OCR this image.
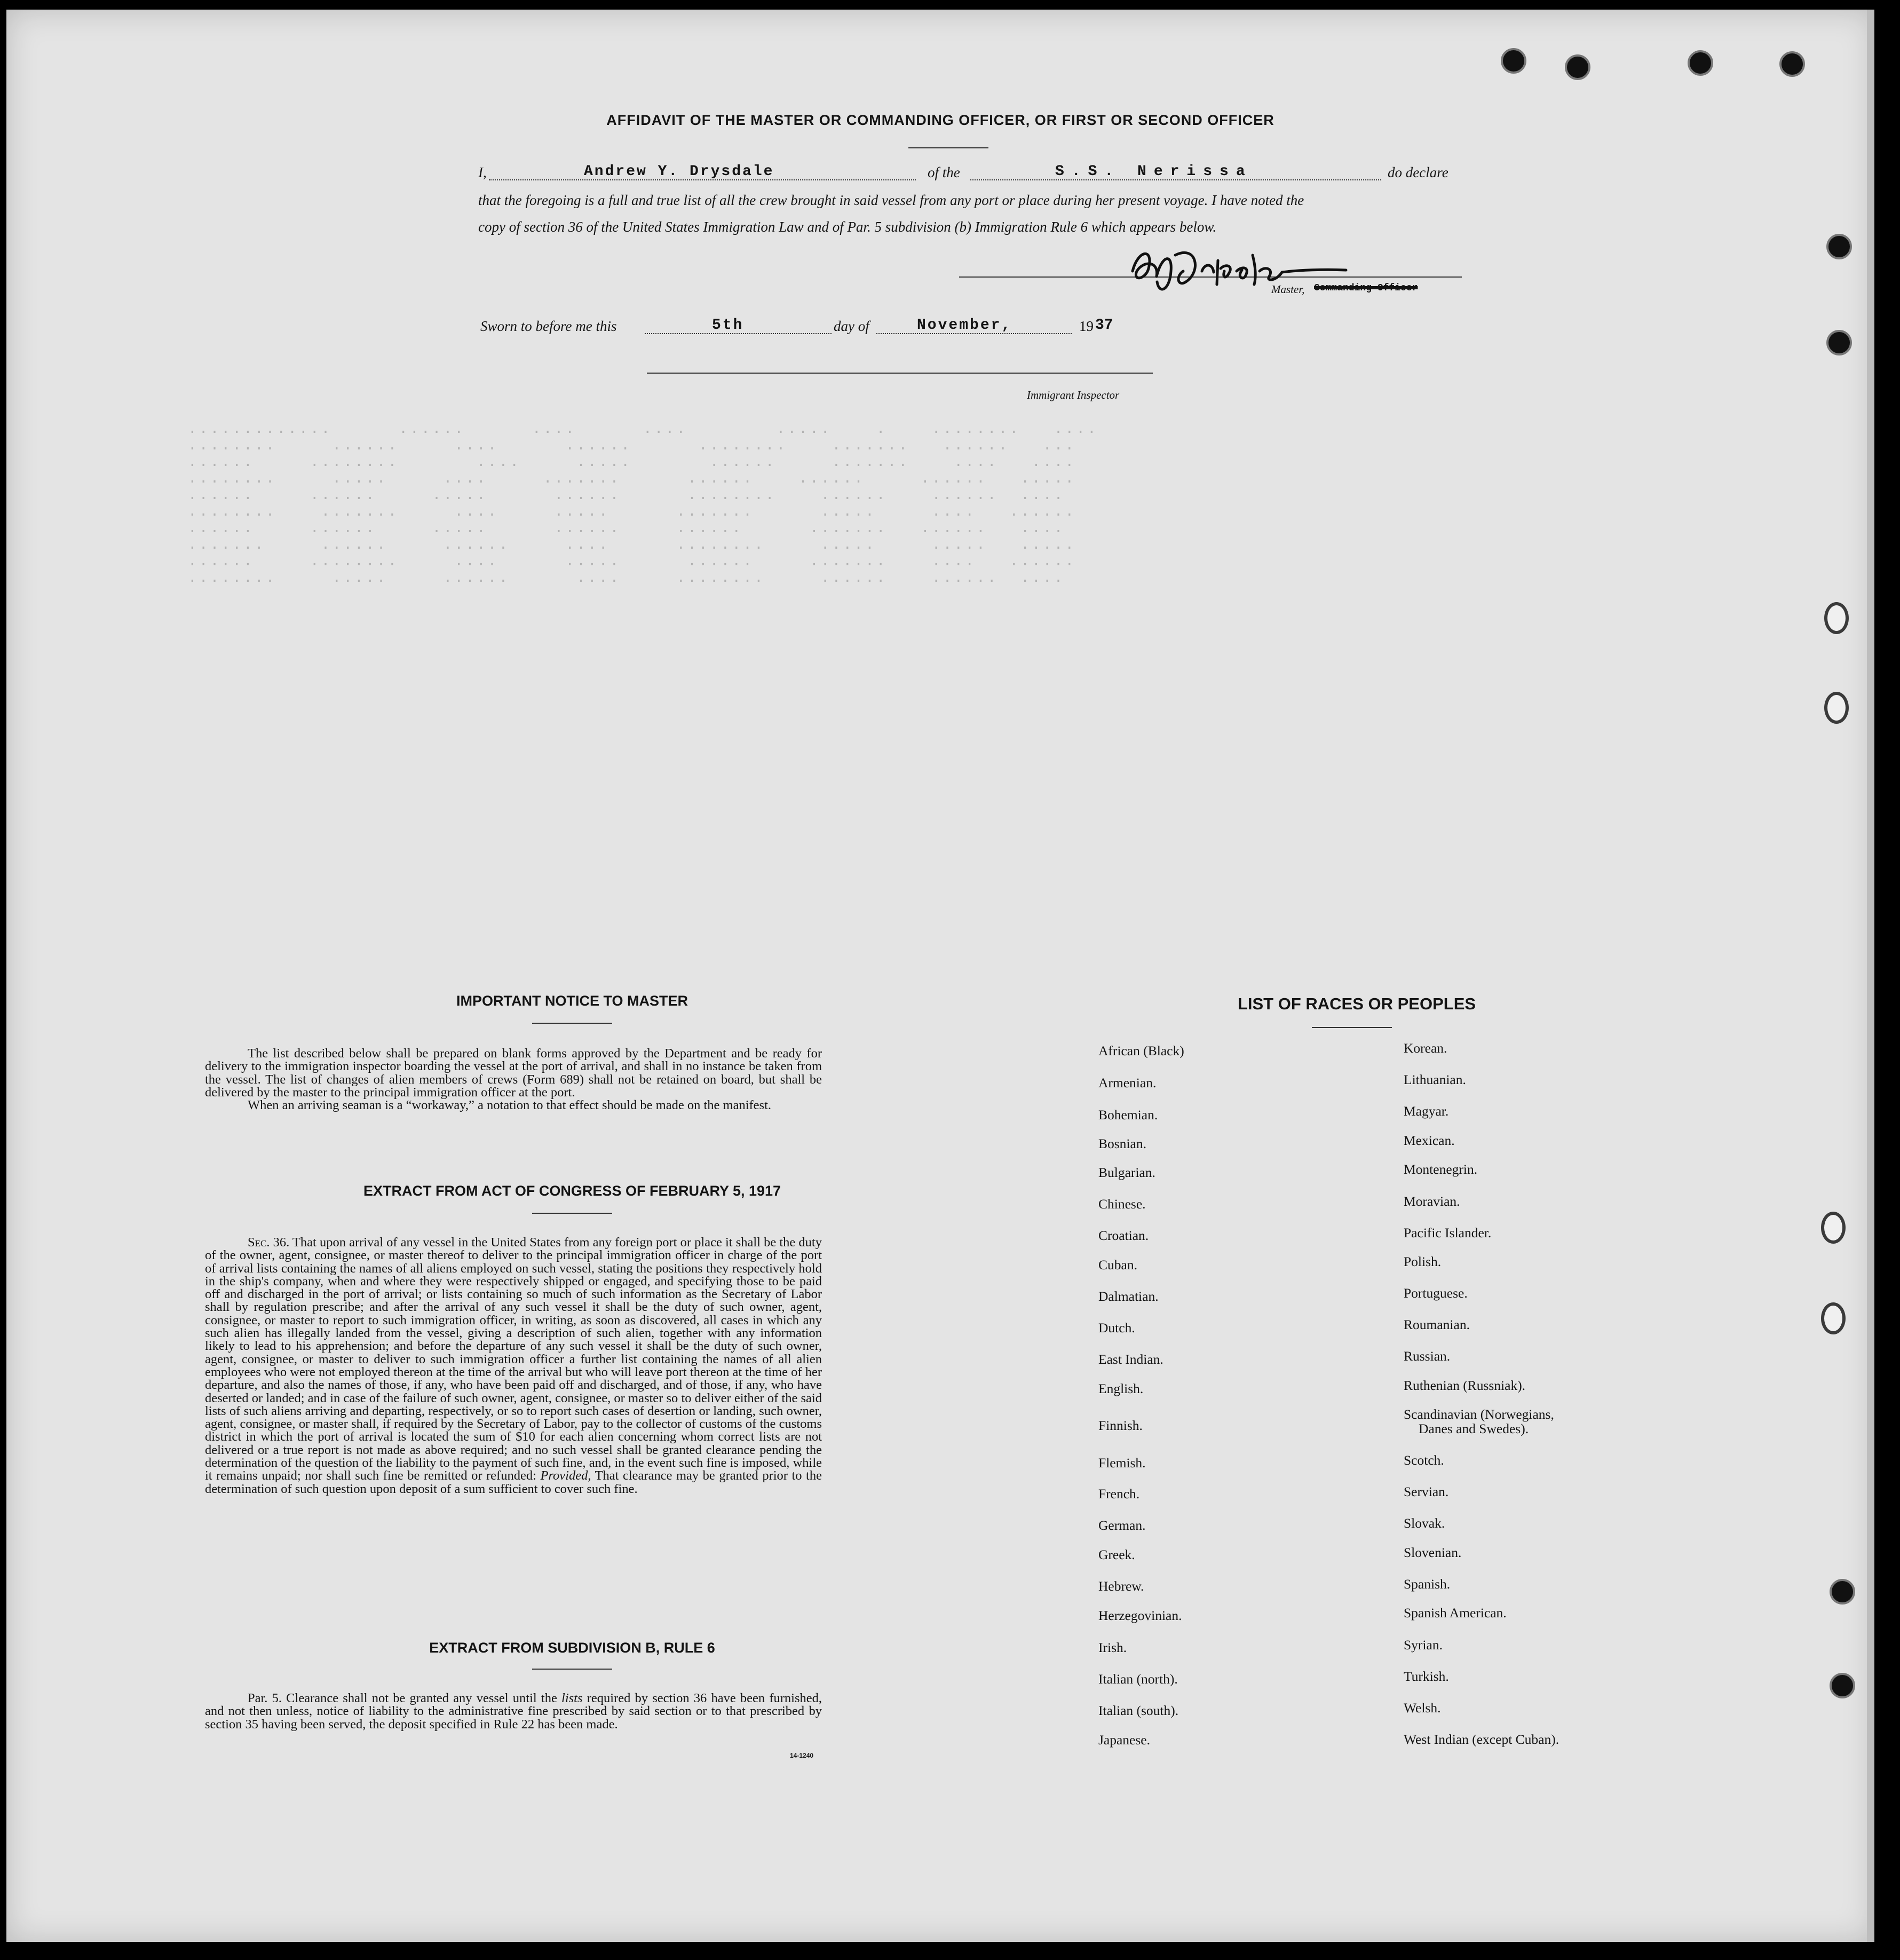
.............      ......      ....      ....        .....    .    ........   ....
........     ......     ....      ......      ........    .......   ......   ...
......     ........       ....     .....       ......     .......    ....   ....
........     .....     ....     .......      ......    ......     ......   .....
......     ......     .....      ......      ........    ......    ......  ....
........    .......     ....     .....      .......      .....     ....   ......
......     ......     .....      ......     ......      .......   ......   ....
.......     ......     ......     ....      ........     .....     .....   .....
......     ........     ....      .....      ......     .......    ....   ......
........     .....     ......      ....     ........     ......    ......  ....
AFFIDAVIT OF THE MASTER OR COMMANDING OFFICER, OR FIRST OR SECOND OFFICER
I,	Andrew Y. Drysdale	of the	S.S. Nerissa	do declare
that the foregoing is a full and true list of all the crew brought in said vessel from any port or place during her present voyage. I have noted the
copy of section 36 of the United States Immigration Law and of Par. 5 subdivision (b) Immigration Rule 6 which appears below.
Master, Commanding Officer
Sworn to before me this	5th	day of	November,	19 37
Immigrant Inspector
IMPORTANT NOTICE TO MASTER

The list described below shall be prepared on blank forms approved by the Department and be ready for delivery to the immigration inspector boarding the vessel at the port of arrival, and shall in no instance be taken from the vessel. The list of changes of alien members of crews (Form 689) shall not be retained on board, but shall be delivered by the master to the principal immigration officer at the port.

When an arriving seaman is a “workaway,” a notation to that effect should be made on the manifest.

EXTRACT FROM ACT OF CONGRESS OF FEBRUARY 5, 1917

Sec. 36. That upon arrival of any vessel in the United States from any foreign port or place it shall be the duty of the owner, agent, consignee, or master thereof to deliver to the principal immigration officer in charge of the port of arrival lists containing the names of all aliens employed on such vessel, stating the positions they respectively hold in the ship's company, when and where they were respectively shipped or engaged, and specifying those to be paid off and discharged in the port of arrival; or lists containing so much of such information as the Secretary of Labor shall by regulation prescribe; and after the arrival of any such vessel it shall be the duty of such owner, agent, consignee, or master to report to such immigration officer, in writing, as soon as discovered, all cases in which any such alien has illegally landed from the vessel, giving a description of such alien, together with any information likely to lead to his apprehension; and before the departure of any such vessel it shall be the duty of such owner, agent, consignee, or master to deliver to such immigration officer a further list containing the names of all alien employees who were not employed thereon at the time of the arrival but who will leave port thereon at the time of her departure, and also the names of those, if any, who have been paid off and discharged, and of those, if any, who have deserted or landed; and in case of the failure of such owner, agent, consignee, or master so to deliver either of the said lists of such aliens arriving and departing, respectively, or so to report such cases of desertion or landing, such owner, agent, consignee, or master shall, if required by the Secretary of Labor, pay to the collector of customs of the customs district in which the port of arrival is located the sum of $10 for each alien concerning whom correct lists are not delivered or a true report is not made as above required; and no such vessel shall be granted clearance pending the determination of the question of the liability to the payment of such fine, and, in the event such fine is imposed, while it remains unpaid; nor shall such fine be remitted or refunded: Provided, That clearance may be granted prior to the determination of such question upon deposit of a sum sufficient to cover such fine.

EXTRACT FROM SUBDIVISION B, RULE 6

Par. 5. Clearance shall not be granted any vessel until the lists required by section 36 have been furnished, and not then unless, notice of liability to the administrative fine prescribed by said section or to that prescribed by section 35 having been served, the deposit specified in Rule 22 has been made.

14-1240
LIST OF RACES OR PEOPLES
African (Black)
Armenian.
Bohemian.
Bosnian.
Bulgarian.
Chinese.
Croatian.
Cuban.
Dalmatian.
Dutch.
East Indian.
English.
Finnish.
Flemish.
French.
German.
Greek.
Hebrew.
Herzegovinian.
Irish.
Italian (north).
Italian (south).
Japanese.
Korean.
Lithuanian.
Magyar.
Mexican.
Montenegrin.
Moravian.
Pacific Islander.
Polish.
Portuguese.
Roumanian.
Russian.
Ruthenian (Russniak).
Scandinavian (Norwegians,
Danes and Swedes).
Scotch.
Servian.
Slovak.
Slovenian.
Spanish.
Spanish American.
Syrian.
Turkish.
Welsh.
West Indian (except Cuban).
